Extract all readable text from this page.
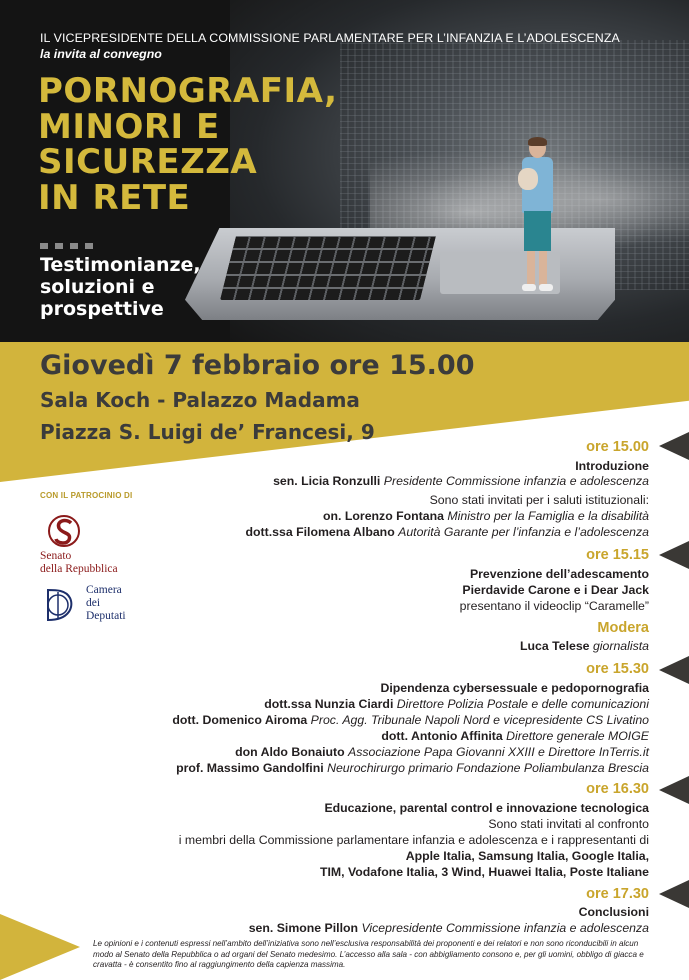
IL VICEPRESIDENTE DELLA COMMISSIONE PARLAMENTARE PER L’INFANZIA E L’ADOLESCENZA
la invita al convegno
PORNOGRAFIA,
MINORI E
SICUREZZA
IN RETE
Testimonianze,
soluzioni e
prospettive
Giovedì 7 febbraio ore 15.00
Sala Koch - Palazzo Madama
Piazza S. Luigi de’ Francesi, 9
CON IL PATROCINIO DI
Senato
della Repubblica
Camera
dei
Deputati
ore 15.00
Introduzione
sen. Licia Ronzulli Presidente Commissione infanzia e adolescenza
Sono stati invitati per i saluti istituzionali:
on. Lorenzo Fontana Ministro per la Famiglia e la disabilità
dott.ssa Filomena Albano Autorità Garante per l’infanzia e l’adolescenza
ore 15.15
Prevenzione dell’adescamento
Pierdavide Carone e i Dear Jack
presentano il videoclip “Caramelle”
Modera
Luca Telese giornalista
ore 15.30
Dipendenza cybersessuale e pedopornografia
dott.ssa Nunzia Ciardi Direttore Polizia Postale e delle comunicazioni
dott. Domenico Airoma Proc. Agg. Tribunale Napoli Nord e vicepresidente CS Livatino
dott. Antonio Affinita Direttore generale MOIGE
don Aldo Bonaiuto Associazione Papa Giovanni XXIII e Direttore InTerris.it
prof. Massimo Gandolfini Neurochirurgo primario Fondazione Poliambulanza Brescia
ore 16.30
Educazione, parental control e innovazione tecnologica
Sono stati invitati al confronto
i membri della Commissione parlamentare infanzia e adolescenza e i rappresentanti di
Apple Italia, Samsung Italia, Google Italia,
TIM, Vodafone Italia, 3 Wind, Huawei Italia, Poste Italiane
ore 17.30
Conclusioni
sen. Simone Pillon Vicepresidente Commissione infanzia e adolescenza
Le opinioni e i contenuti espressi nell’ambito dell’iniziativa sono nell’esclusiva responsabilità dei proponenti e dei relatori e non sono riconducibili in alcun modo al Senato della Repubblica o ad organi del Senato medesimo. L’accesso alla sala - con abbigliamento consono e, per gli uomini, obbligo di giacca e cravatta - è consentito fino al raggiungimento della capienza massima.
